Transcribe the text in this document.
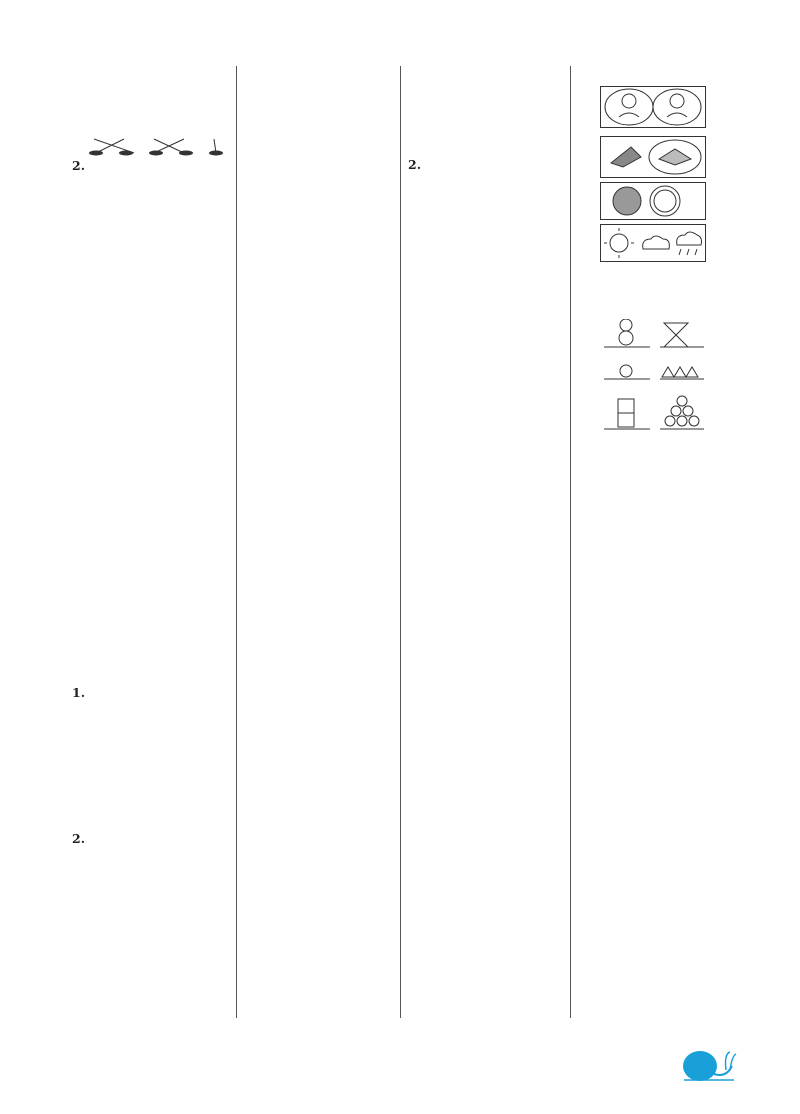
2.
1.
2.
2.
